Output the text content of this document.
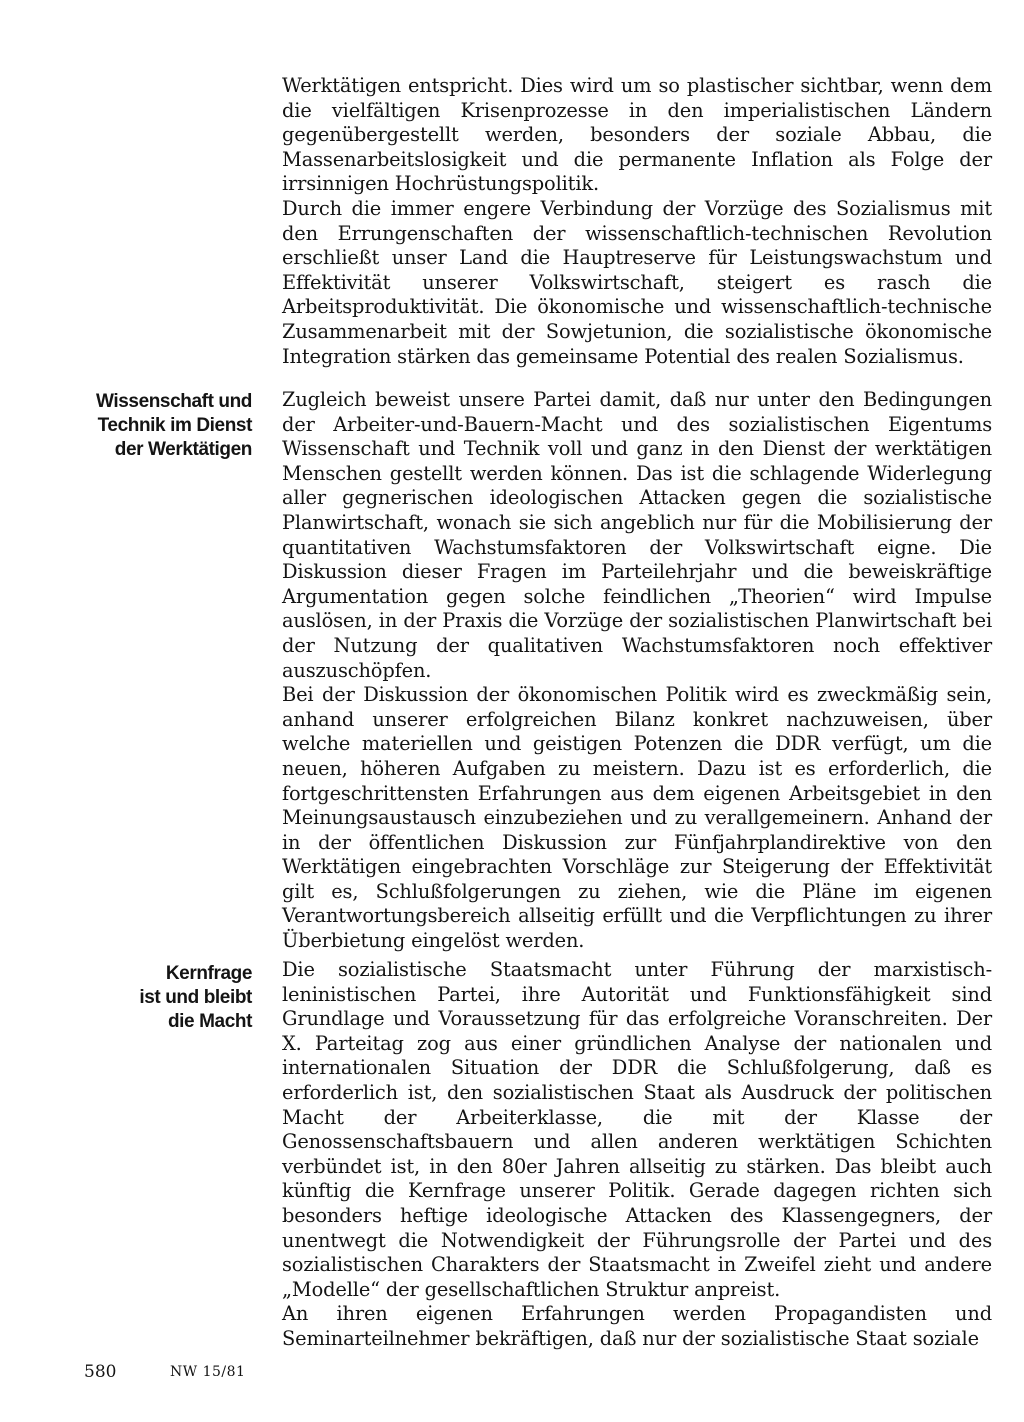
Werktätigen entspricht. Dies wird um so plastischer sichtbar, wenn dem die vielfältigen Krisenprozesse in den imperialistischen Ländern gegenübergestellt werden, besonders der soziale Abbau, die Massenarbeitslosigkeit und die permanente Inflation als Folge der irrsinnigen Hochrüstungspolitik.

Durch die immer engere Verbindung der Vorzüge des Sozialismus mit den Errungenschaften der wissenschaftlich-technischen Revolution erschließt unser Land die Hauptreserve für Leistungswachstum und Effektivität unserer Volkswirtschaft, steigert es rasch die Arbeitsproduktivität. Die ökonomische und wissenschaftlich-technische Zusammenarbeit mit der Sowjetunion, die sozialistische ökonomische Integration stärken das gemeinsame Potential des realen Sozialismus.

Wissenschaft und
Technik im Dienst
der Werktätigen

Zugleich beweist unsere Partei damit, daß nur unter den Bedingungen der Arbeiter-und-Bauern-Macht und des sozialistischen Eigentums Wissenschaft und Technik voll und ganz in den Dienst der werktätigen Menschen gestellt werden können. Das ist die schlagende Widerlegung aller gegnerischen ideologischen Attacken gegen die sozialistische Planwirtschaft, wonach sie sich angeblich nur für die Mobilisierung der quantitativen Wachstumsfaktoren der Volkswirtschaft eigne. Die Diskussion dieser Fragen im Parteilehrjahr und die beweiskräftige Argumentation gegen solche feindlichen „Theorien“ wird Impulse auslösen, in der Praxis die Vorzüge der sozialistischen Planwirtschaft bei der Nutzung der qualitativen Wachstumsfaktoren noch effektiver auszuschöpfen.

Bei der Diskussion der ökonomischen Politik wird es zweckmäßig sein, anhand unserer erfolgreichen Bilanz konkret nachzuweisen, über welche materiellen und geistigen Potenzen die DDR verfügt, um die neuen, höheren Aufgaben zu meistern. Dazu ist es erforderlich, die fortgeschrittensten Erfahrungen aus dem eigenen Arbeitsgebiet in den Meinungsaustausch einzubeziehen und zu verallgemeinern. Anhand der in der öffentlichen Diskussion zur Fünfjahrplandirektive von den Werktätigen eingebrachten Vorschläge zur Steigerung der Effektivität gilt es, Schlußfolgerungen zu ziehen, wie die Pläne im eigenen Verantwortungsbereich allseitig erfüllt und die Verpflichtungen zu ihrer Überbietung eingelöst werden.

Kernfrage
ist und bleibt
die Macht

Die sozialistische Staatsmacht unter Führung der marxistisch-leninistischen Partei, ihre Autorität und Funktionsfähigkeit sind Grundlage und Voraussetzung für das erfolgreiche Voranschreiten. Der X. Parteitag zog aus einer gründlichen Analyse der nationalen und internationalen Situation der DDR die Schlußfolgerung, daß es erforderlich ist, den sozialistischen Staat als Ausdruck der politischen Macht der Arbeiterklasse, die mit der Klasse der Genossenschaftsbauern und allen anderen werktätigen Schichten verbündet ist, in den 80er Jahren allseitig zu stärken. Das bleibt auch künftig die Kernfrage unserer Politik. Gerade dagegen richten sich besonders heftige ideologische Attacken des Klassengegners, der unentwegt die Notwendigkeit der Führungsrolle der Partei und des sozialistischen Charakters der Staatsmacht in Zweifel zieht und andere „Modelle“ der gesellschaftlichen Struktur anpreist.

An ihren eigenen Erfahrungen werden Propagandisten und Seminarteilnehmer bekräftigen, daß nur der sozialistische Staat soziale

580	NW 15/81
